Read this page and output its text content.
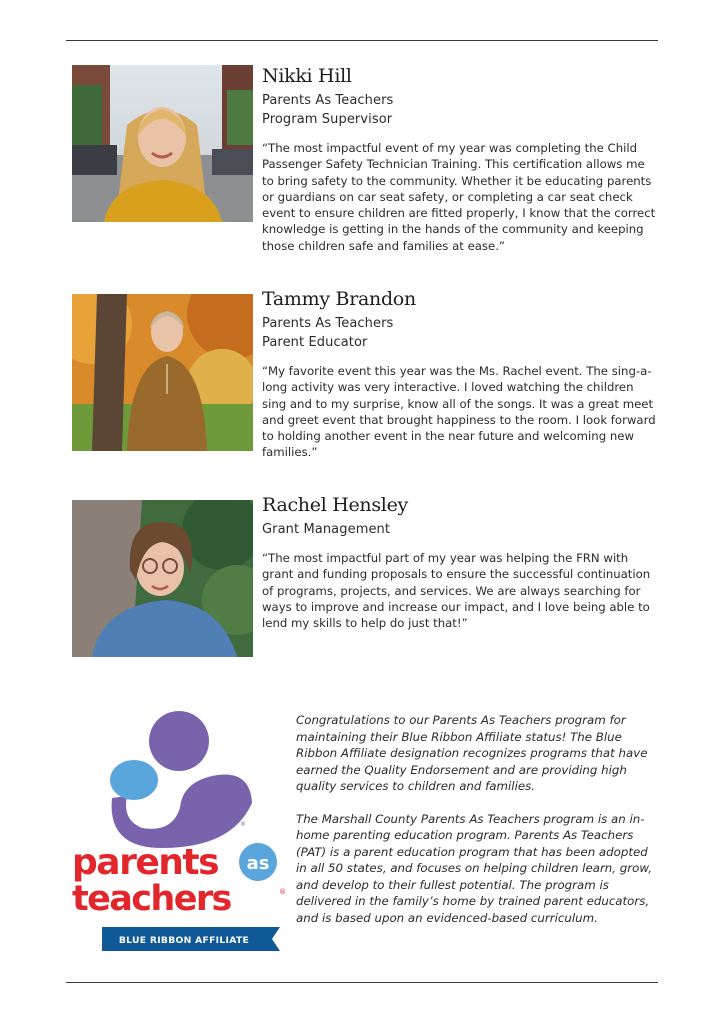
Nikki Hill
Parents As Teachers
Program Supervisor
“The most impactful event of my year was completing the Child Passenger Safety Technician Training. This certification allows me to bring safety to the community. Whether it be educating parents or guardians on car seat safety, or completing a car seat check event to ensure children are fitted properly, I know that the correct knowledge is getting in the hands of the community and keeping those children safe and families at ease.”
Tammy Brandon
Parents As Teachers
Parent Educator
“My favorite event this year was the Ms. Rachel event. The sing-a-long activity was very interactive. I loved watching the children sing and to my surprise, know all of the songs. It was a great meet and greet event that brought happiness to the room. I look forward to holding another event in the near future and welcoming new families.”
Rachel Hensley
Grant Management
“The most impactful part of my year was helping the FRN with grant and funding proposals to ensure the successful continuation of programs, projects, and services. We are always searching for ways to improve and increase our impact, and I love being able to lend my skills to help do just that!”
®
parents as
teachers	®
BLUE RIBBON AFFILIATE

Congratulations to our Parents As Teachers program for maintaining their Blue Ribbon Affiliate status! The Blue Ribbon Affiliate designation recognizes programs that have earned the Quality Endorsement and are providing high quality services to children and families.

The Marshall County Parents As Teachers program is an in-home parenting education program. Parents As Teachers (PAT) is a parent education program that has been adopted in all 50 states, and focuses on helping children learn, grow, and develop to their fullest potential. The program is delivered in the family’s home by trained parent educators, and is based upon an evidenced-based curriculum.
